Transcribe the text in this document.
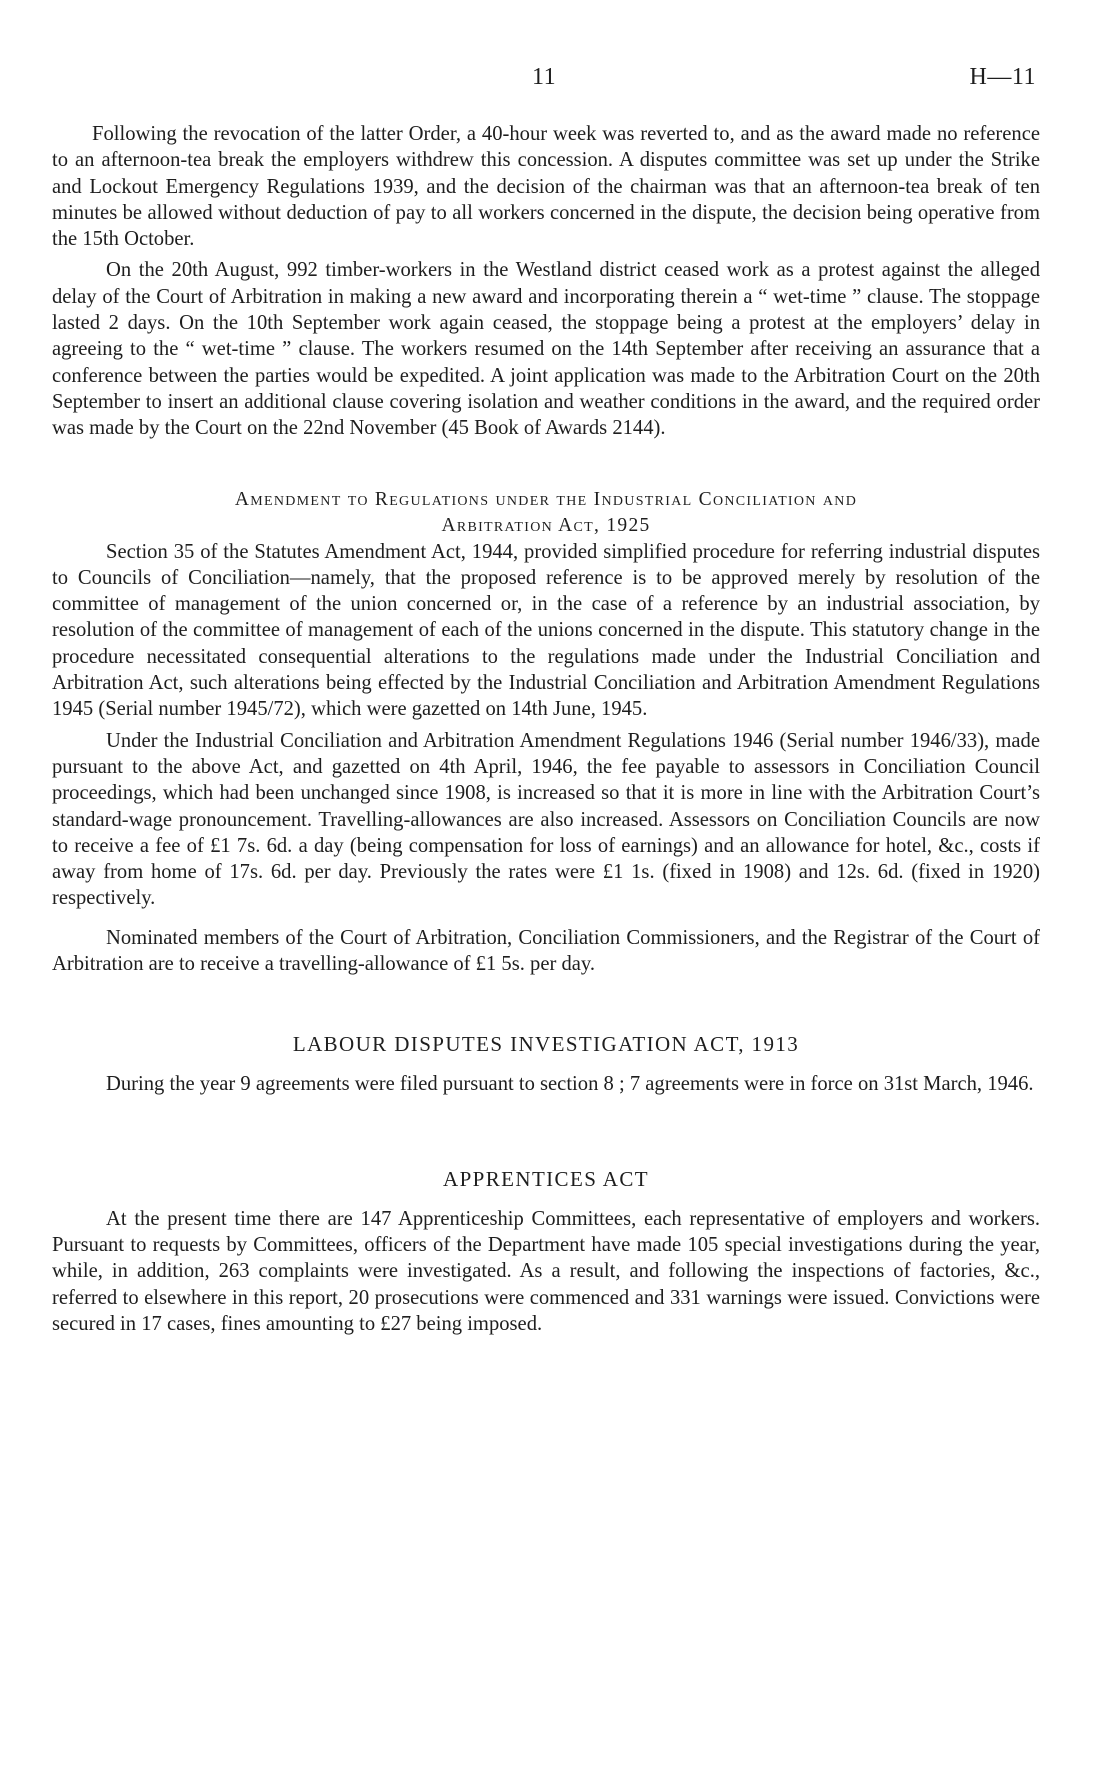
11	H—11

Following the revocation of the latter Order, a 40-hour week was reverted to, and as the award made no reference to an afternoon-tea break the employers withdrew this concession. A disputes committee was set up under the Strike and Lockout Emergency Regulations 1939, and the decision of the chairman was that an afternoon-tea break of ten minutes be allowed without deduction of pay to all workers concerned in the dispute, the decision being operative from the 15th October.

On the 20th August, 992 timber-workers in the Westland district ceased work as a protest against the alleged delay of the Court of Arbitration in making a new award and incorporating therein a “ wet-time ” clause. The stoppage lasted 2 days. On the 10th September work again ceased, the stoppage being a protest at the employers’ delay in agreeing to the “ wet-time ” clause. The workers resumed on the 14th September after receiving an assurance that a conference between the parties would be expedited. A joint application was made to the Arbitration Court on the 20th September to insert an additional clause covering isolation and weather conditions in the award, and the required order was made by the Court on the 22nd November (45 Book of Awards 2144).

Amendment to Regulations under the Industrial Conciliation and
Arbitration Act, 1925

Section 35 of the Statutes Amendment Act, 1944, provided simplified procedure for referring industrial disputes to Councils of Conciliation—namely, that the proposed reference is to be approved merely by resolution of the committee of management of the union concerned or, in the case of a reference by an industrial association, by resolution of the committee of management of each of the unions concerned in the dispute. This statutory change in the procedure necessitated consequential alterations to the regulations made under the Industrial Conciliation and Arbitration Act, such alterations being effected by the Industrial Conciliation and Arbitration Amendment Regulations 1945 (Serial number 1945/72), which were gazetted on 14th June, 1945.

Under the Industrial Conciliation and Arbitration Amendment Regulations 1946 (Serial number 1946/33), made pursuant to the above Act, and gazetted on 4th April, 1946, the fee payable to assessors in Conciliation Council proceedings, which had been unchanged since 1908, is increased so that it is more in line with the Arbitration Court’s standard-wage pronouncement. Travelling-allowances are also increased. Assessors on Conciliation Councils are now to receive a fee of £1 7s. 6d. a day (being compensation for loss of earnings) and an allowance for hotel, &c., costs if away from home of 17s. 6d. per day. Previously the rates were £1 1s. (fixed in 1908) and 12s. 6d. (fixed in 1920) respectively.

Nominated members of the Court of Arbitration, Conciliation Commissioners, and the Registrar of the Court of Arbitration are to receive a travelling-allowance of £1 5s. per day.

LABOUR DISPUTES INVESTIGATION ACT, 1913

During the year 9 agreements were filed pursuant to section 8 ; 7 agreements were in force on 31st March, 1946.

APPRENTICES ACT

At the present time there are 147 Apprenticeship Committees, each representative of employers and workers. Pursuant to requests by Committees, officers of the Department have made 105 special investigations during the year, while, in addition, 263 complaints were investigated. As a result, and following the inspections of factories, &c., referred to elsewhere in this report, 20 prosecutions were commenced and 331 warnings were issued. Convictions were secured in 17 cases, fines amounting to £27 being imposed.
